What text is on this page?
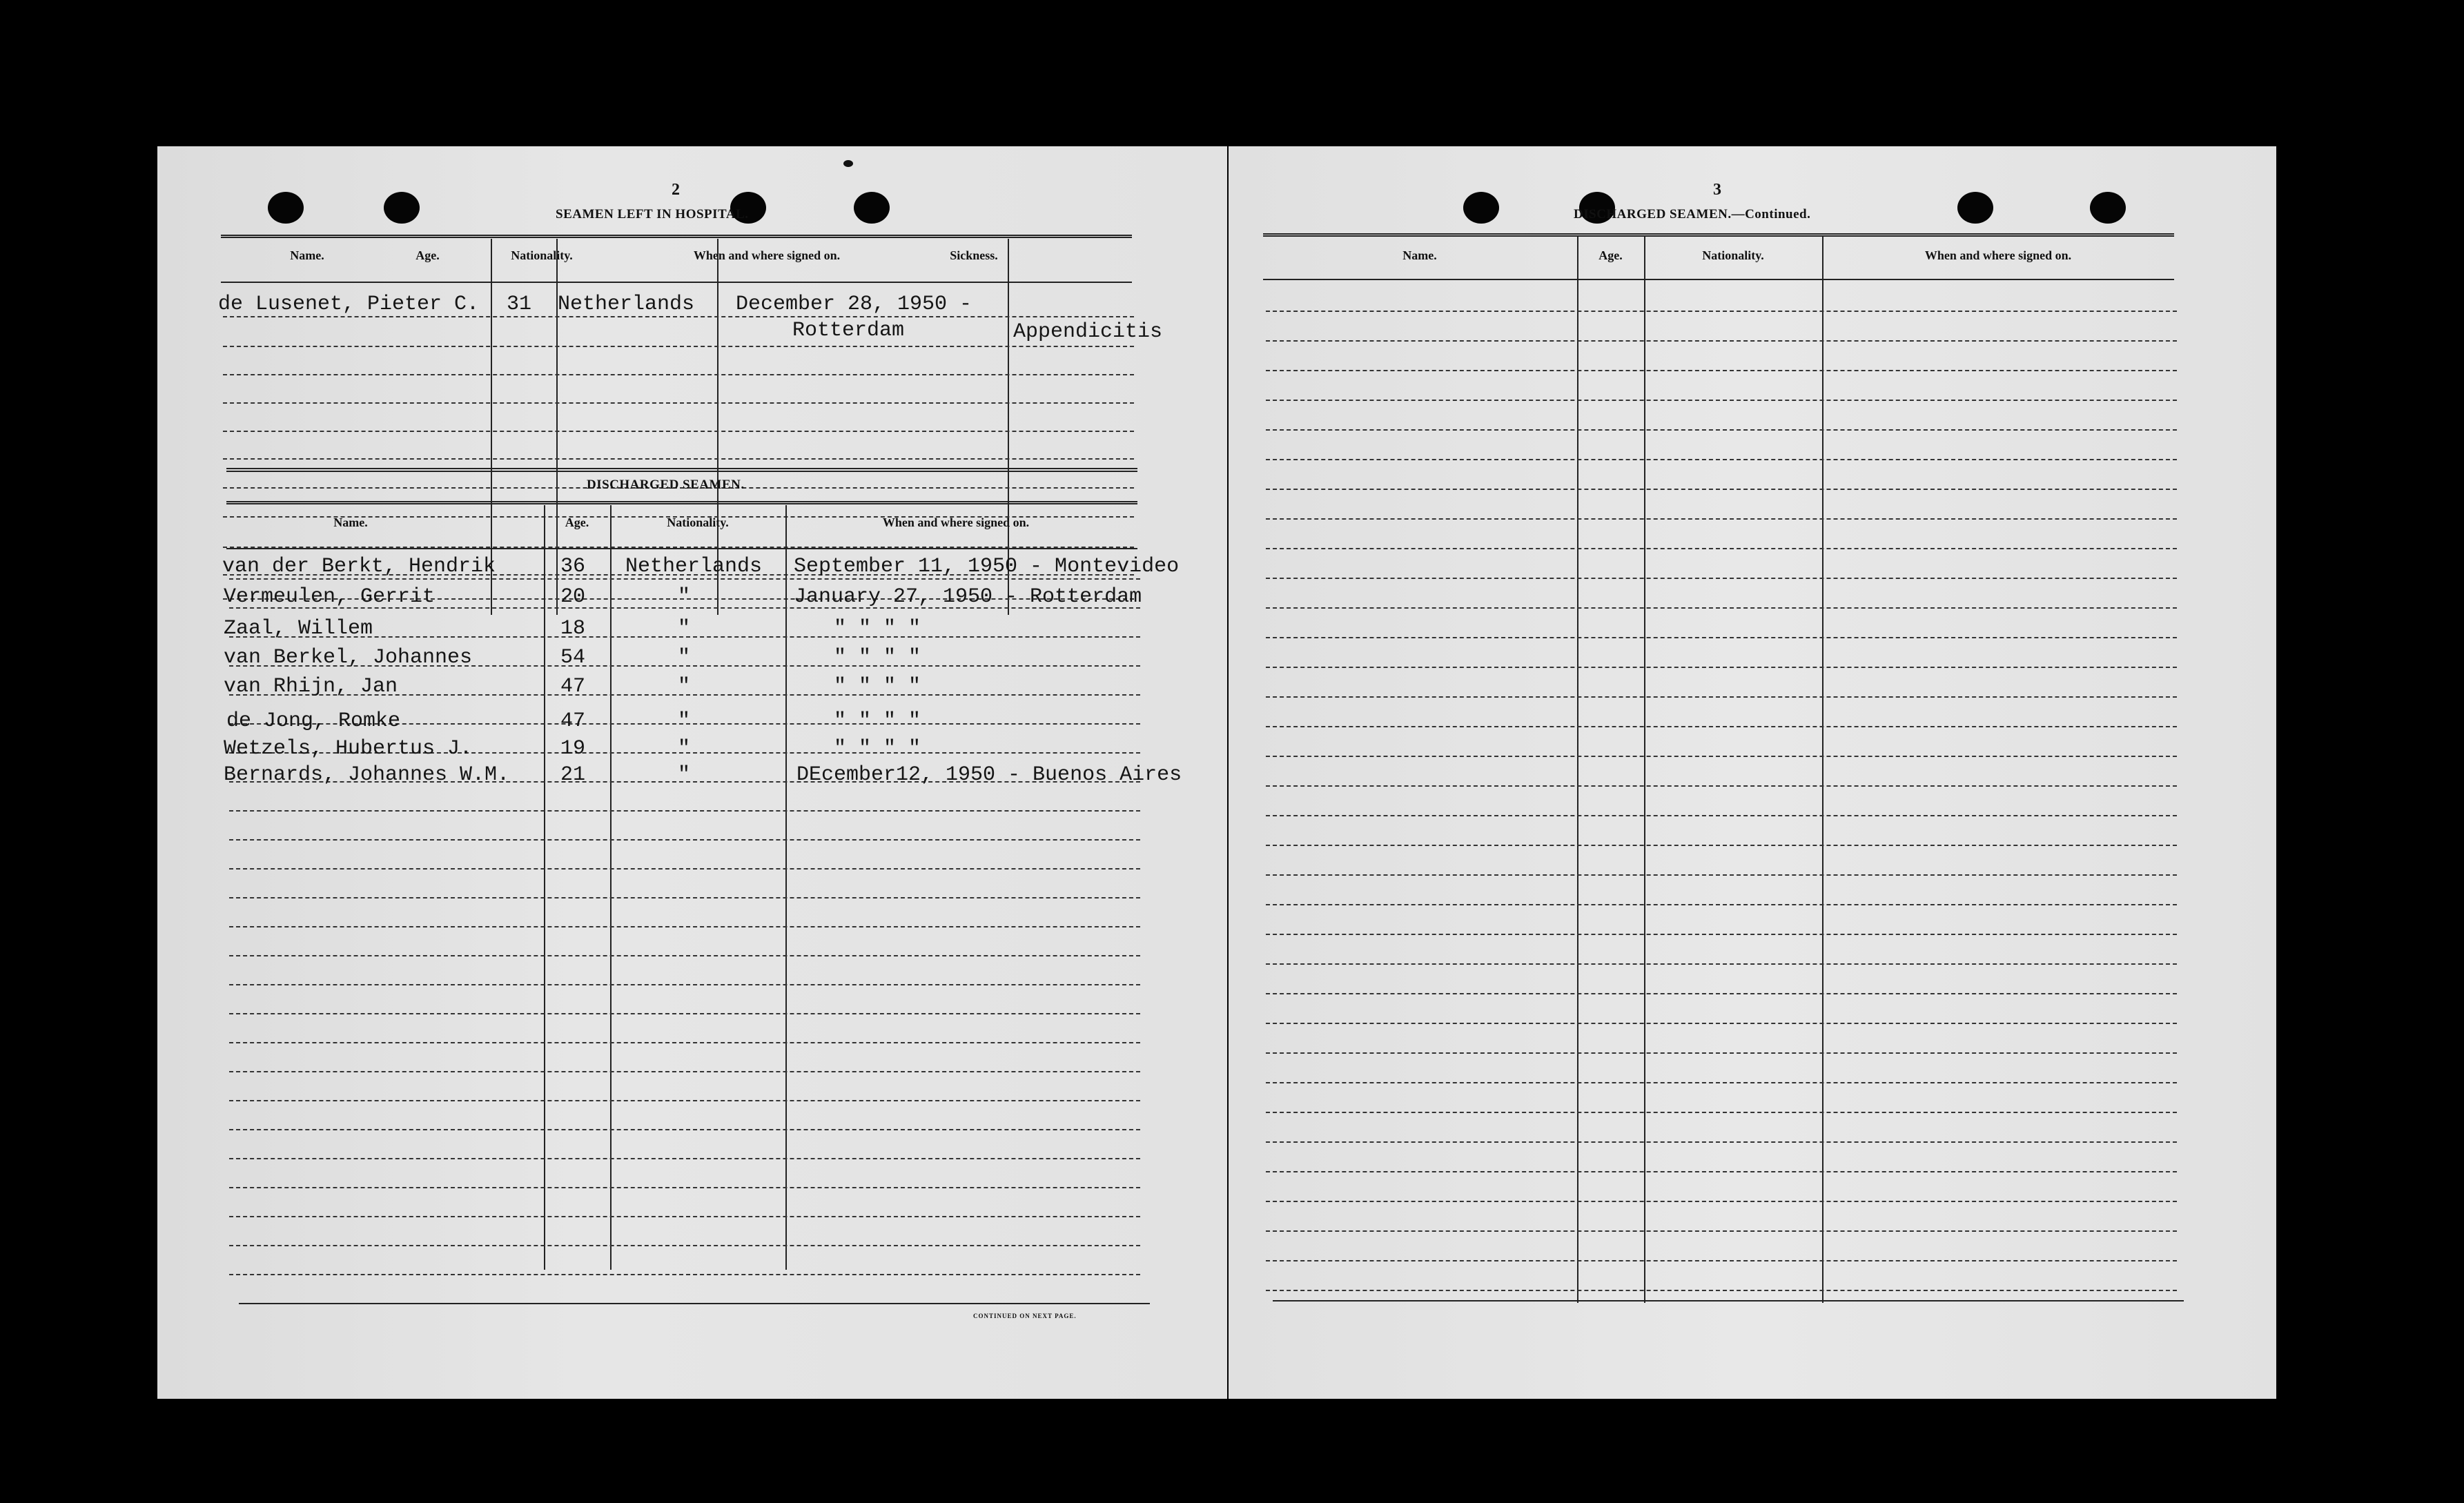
2
SEAMEN LEFT IN HOSPITAL.
Name.	Age.	Nationality.	When and where signed on.	Sickness.
de Lusenet, Pieter C. 31 Netherlands December 28, 1950 -
Rotterdam	Appendicitis
DISCHARGED SEAMEN.
Name.	Age.	Nationality.	When and where signed on.
van der Berkt, Hendrik	36 Netherlands September 11, 1950 - Montevideo
Vermeulen, Gerrit	20	"	January 27, 1950 - Rotterdam
Zaal, Willem	18	"	" " " "
van Berkel, Johannes	54	"	" " " "
van Rhijn, Jan	47	"	" " " "
de Jong, Romke	47	"	" " " "
Wetzels, Hubertus J.	19	"	" " " "
Bernards, Johannes W.M. 21	"	DEcember12, 1950 - Buenos Aires
CONTINUED ON NEXT PAGE.
3
DISCHARGED SEAMEN.—Continued.
Name.	Age.	Nationality.	When and where signed on.
